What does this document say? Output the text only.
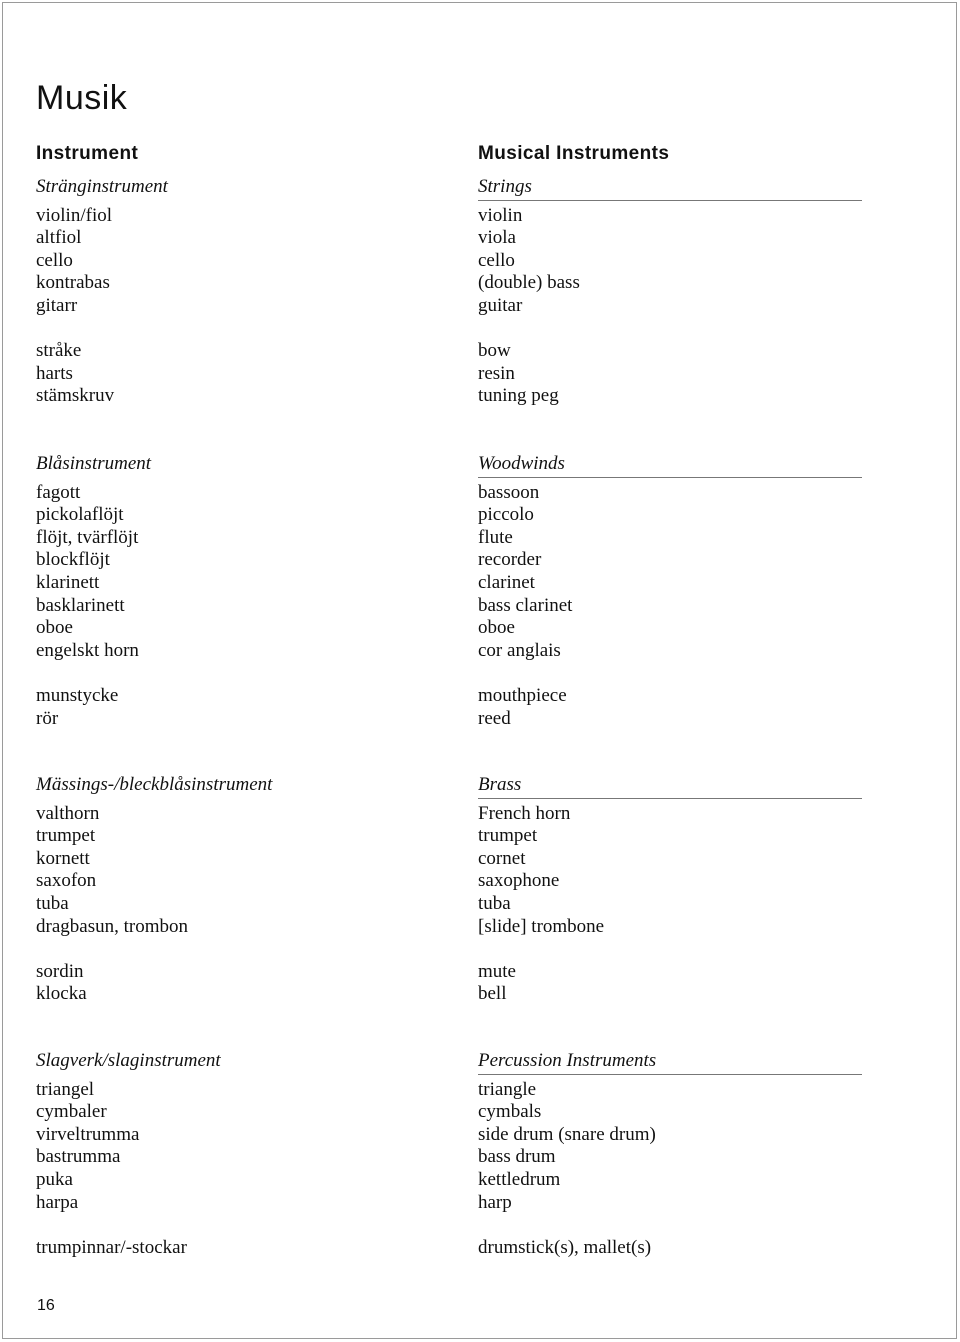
Musik
Instrument	Musical Instruments
Stränginstrument
violin/fiol
altfiol
cello
kontrabas
gitarr
stråke
harts
stämskruv
Strings
violin
viola
cello
(double) bass
guitar
bow
resin
tuning peg
Blåsinstrument
fagott
pickolaflöjt
flöjt, tvärflöjt
blockflöjt
klarinett
basklarinett
oboe
engelskt horn
munstycke
rör
Woodwinds
bassoon
piccolo
flute
recorder
clarinet
bass clarinet
oboe
cor anglais
mouthpiece
reed
Mässings-/bleckblåsinstrument
valthorn
trumpet
kornett
saxofon
tuba
dragbasun, trombon
sordin
klocka
Brass
French horn
trumpet
cornet
saxophone
tuba
[slide] trombone
mute
bell
Slagverk/slaginstrument
triangel
cymbaler
virveltrumma
bastrumma
puka
harpa
trumpinnar/-stockar
Percussion Instruments
triangle
cymbals
side drum (snare drum)
bass drum
kettledrum
harp
drumstick(s), mallet(s)
16
